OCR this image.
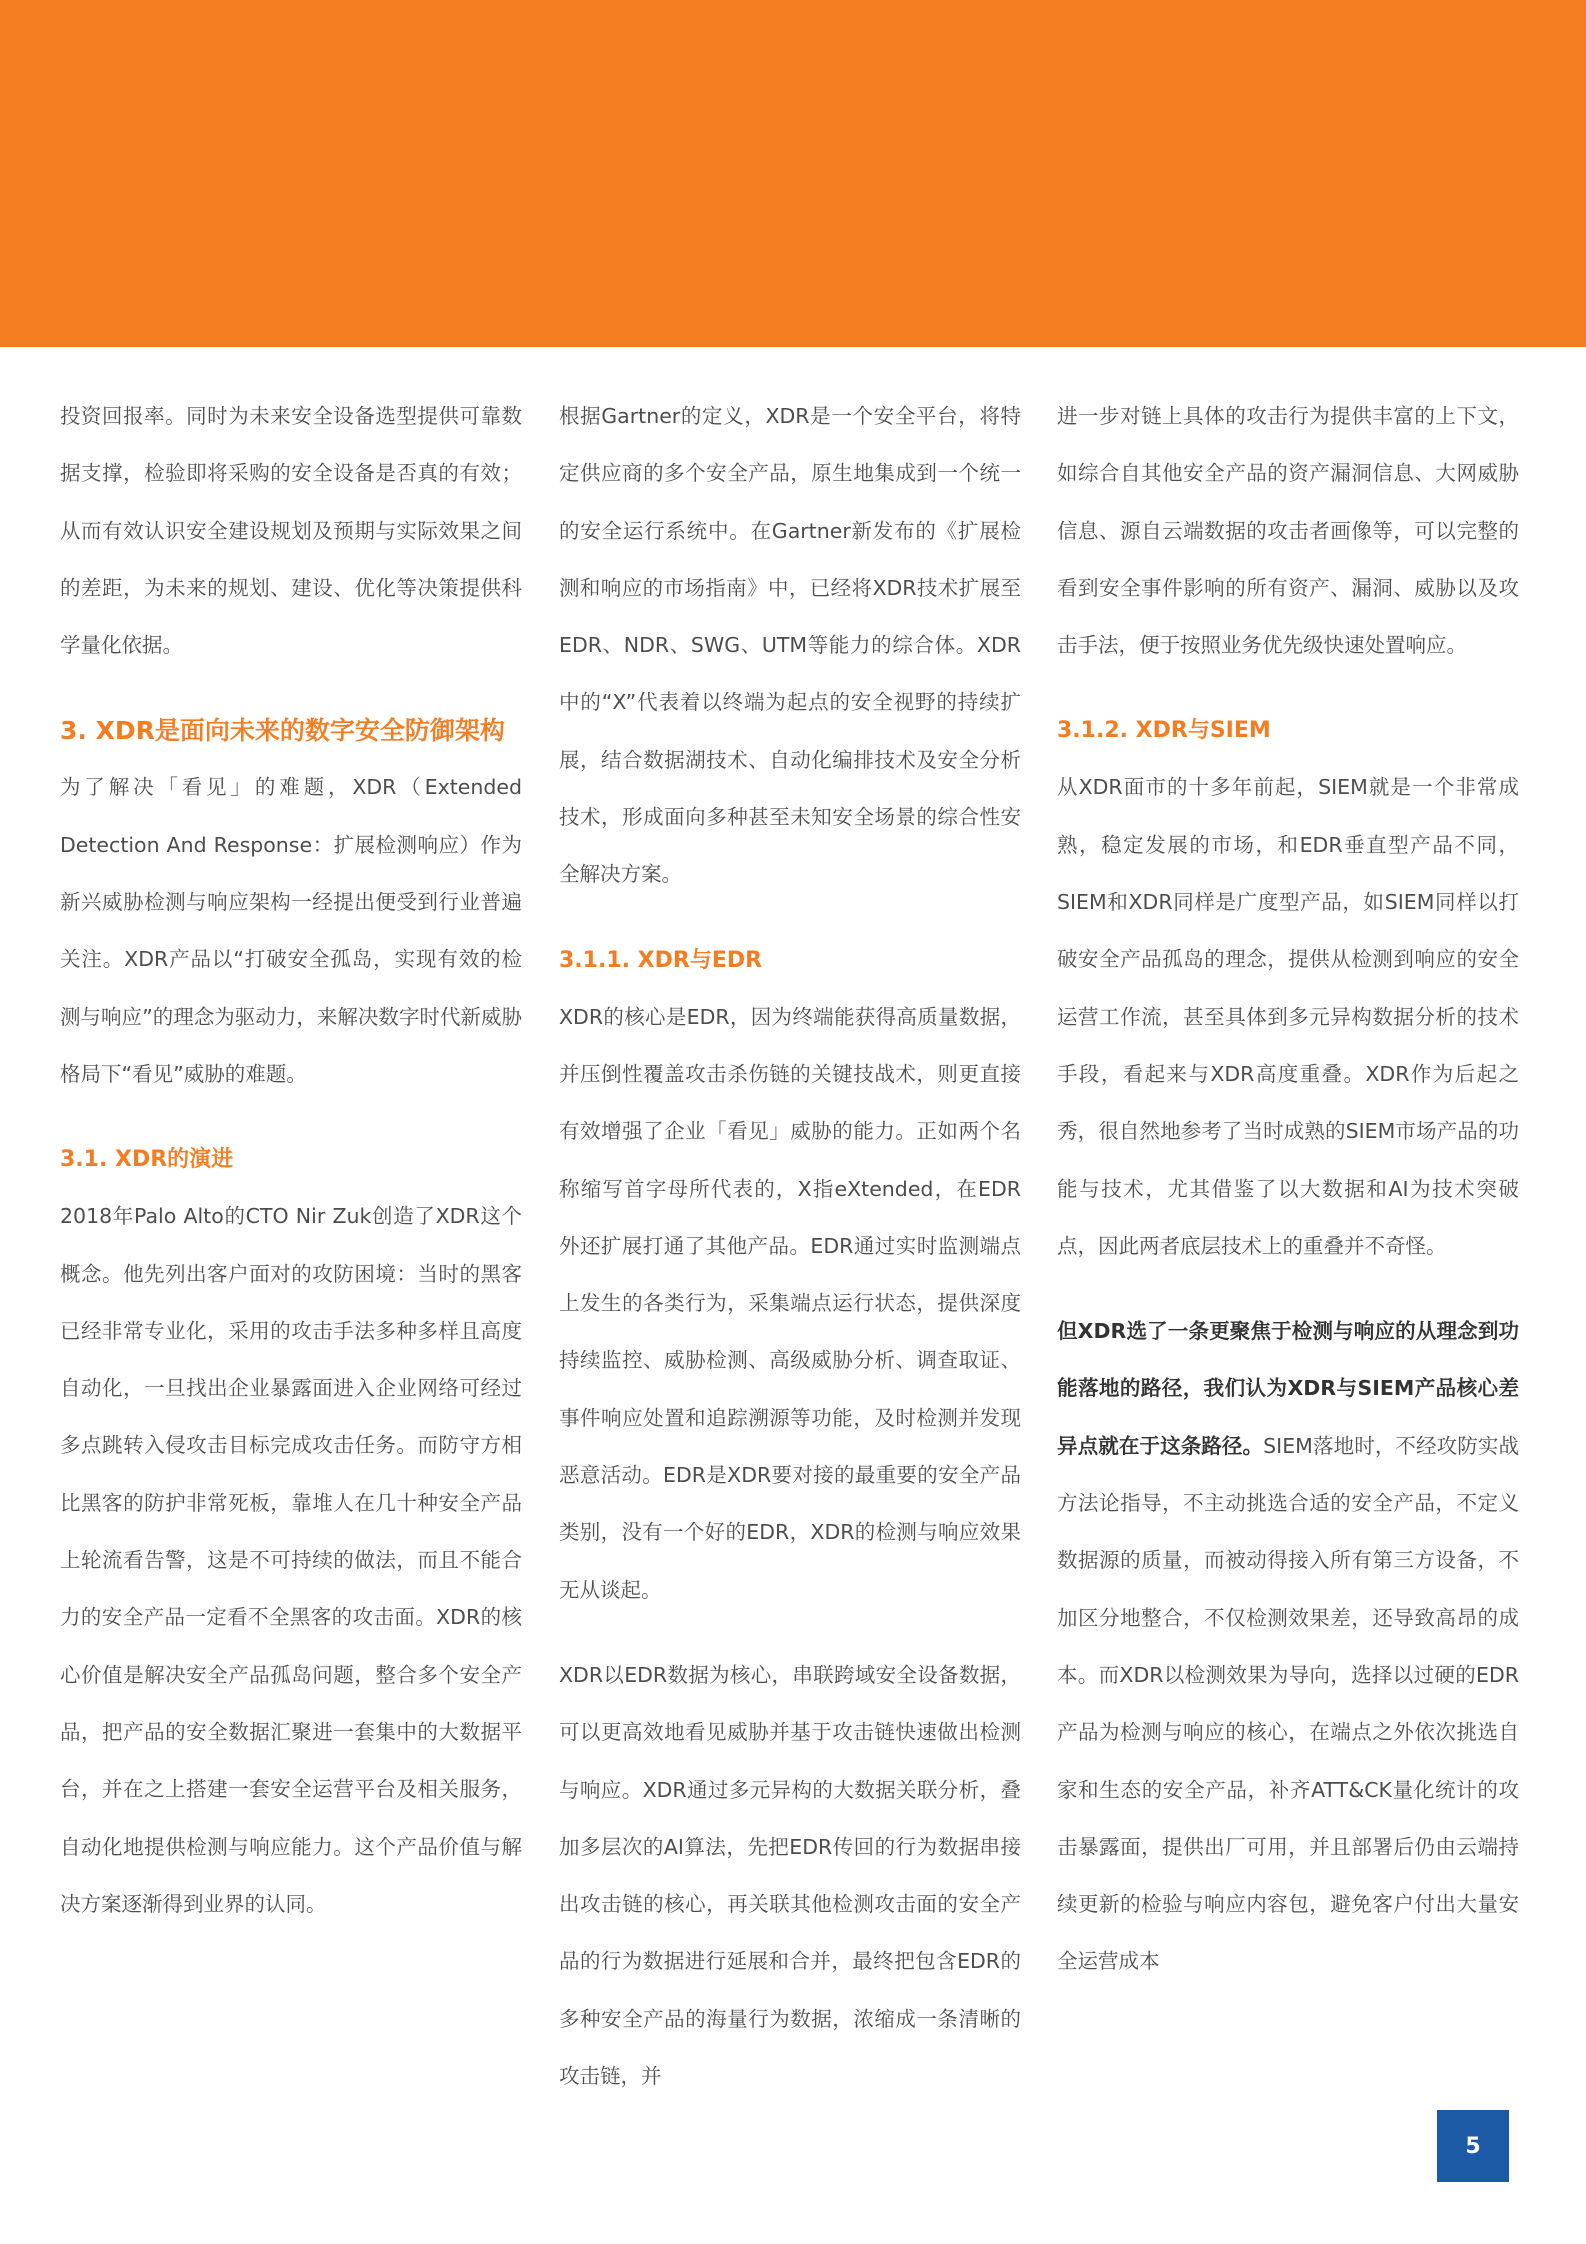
投资回报率。同时为未来安全设备选型提供可靠数据支撑，检验即将采购的安全设备是否真的有效；从而有效认识安全建设规划及预期与实际效果之间的差距，为未来的规划、建设、优化等决策提供科学量化依据。

3. XDR是面向未来的数字安全防御架构

为了解决「看见」的难题，XDR（Extended Detection And Response：扩展检测响应）作为新兴威胁检测与响应架构一经提出便受到行业普遍关注。XDR产品以“打破安全孤岛，实现有效的检测与响应”的理念为驱动力，来解决数字时代新威胁格局下“看见”威胁的难题。

3.1. XDR的演进

2018年Palo Alto的CTO Nir Zuk创造了XDR这个概念。他先列出客户面对的攻防困境：当时的黑客已经非常专业化，采用的攻击手法多种多样且高度自动化，一旦找出企业暴露面进入企业网络可经过多点跳转入侵攻击目标完成攻击任务。而防守方相比黑客的防护非常死板，靠堆人在几十种安全产品上轮流看告警，这是不可持续的做法，而且不能合力的安全产品一定看不全黑客的攻击面。XDR的核心价值是解决安全产品孤岛问题，整合多个安全产品，把产品的安全数据汇聚进一套集中的大数据平台，并在之上搭建一套安全运营平台及相关服务，自动化地提供检测与响应能力。这个产品价值与解决方案逐渐得到业界的认同。

根据Gartner的定义，XDR是一个安全平台，将特定供应商的多个安全产品，原生地集成到一个统一的安全运行系统中。在Gartner新发布的《扩展检测和响应的市场指南》中，已经将XDR技术扩展至EDR、NDR、SWG、UTM等能力的综合体。XDR中的“X”代表着以终端为起点的安全视野的持续扩展，结合数据湖技术、自动化编排技术及安全分析技术，形成面向多种甚至未知安全场景的综合性安全解决方案。

3.1.1. XDR与EDR

XDR的核心是EDR，因为终端能获得高质量数据，并压倒性覆盖攻击杀伤链的关键技战术，则更直接有效增强了企业「看见」威胁的能力。正如两个名称缩写首字母所代表的，X指eXtended，在EDR外还扩展打通了其他产品。EDR通过实时监测端点上发生的各类行为，采集端点运行状态，提供深度持续监控、威胁检测、高级威胁分析、调查取证、事件响应处置和追踪溯源等功能，及时检测并发现恶意活动。EDR是XDR要对接的最重要的安全产品类别，没有一个好的EDR，XDR的检测与响应效果无从谈起。

XDR以EDR数据为核心，串联跨域安全设备数据，可以更高效地看见威胁并基于攻击链快速做出检测与响应。XDR通过多元异构的大数据关联分析，叠加多层次的AI算法，先把EDR传回的行为数据串接出攻击链的核心，再关联其他检测攻击面的安全产品的行为数据进行延展和合并，最终把包含EDR的多种安全产品的海量行为数据，浓缩成一条清晰的攻击链，并

进一步对链上具体的攻击行为提供丰富的上下文，如综合自其他安全产品的资产漏洞信息、大网威胁信息、源自云端数据的攻击者画像等，可以完整的看到安全事件影响的所有资产、漏洞、威胁以及攻击手法，便于按照业务优先级快速处置响应。

3.1.2. XDR与SIEM

从XDR面市的十多年前起，SIEM就是一个非常成熟，稳定发展的市场，和EDR垂直型产品不同，SIEM和XDR同样是广度型产品，如SIEM同样以打破安全产品孤岛的理念，提供从检测到响应的安全运营工作流，甚至具体到多元异构数据分析的技术手段，看起来与XDR高度重叠。XDR作为后起之秀，很自然地参考了当时成熟的SIEM市场产品的功能与技术，尤其借鉴了以大数据和AI为技术突破点，因此两者底层技术上的重叠并不奇怪。

但XDR选了一条更聚焦于检测与响应的从理念到功能落地的路径，我们认为XDR与SIEM产品核心差异点就在于这条路径。SIEM落地时，不经攻防实战方法论指导，不主动挑选合适的安全产品，不定义数据源的质量，而被动得接入所有第三方设备，不加区分地整合，不仅检测效果差，还导致高昂的成本。而XDR以检测效果为导向，选择以过硬的EDR产品为检测与响应的核心，在端点之外依次挑选自家和生态的安全产品，补齐ATT&CK量化统计的攻击暴露面，提供出厂可用，并且部署后仍由云端持续更新的检验与响应内容包，避免客户付出大量安全运营成本

5
